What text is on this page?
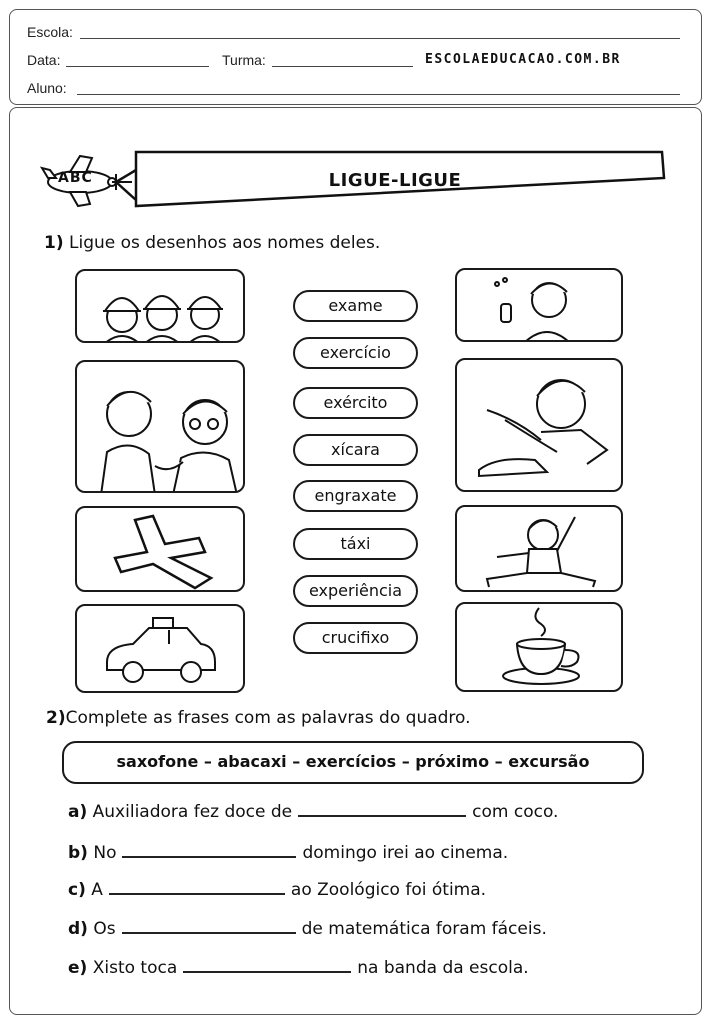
Escola:
Data:	Turma:	ESCOLAEDUCACAO.COM.BR
Aluno:
ABC	LIGUE-LIGUE
1) Ligue os desenhos aos nomes deles.
exame
exercício
exército
xícara
engraxate
táxi
experiência
crucifixo
2)Complete as frases com as palavras do quadro.
saxofone – abacaxi – exercícios – próximo – excursão
a) Auxiliadora fez doce de	com coco.
b) No	domingo irei ao cinema.
c) A	ao Zoológico foi ótima.
d) Os	de matemática foram fáceis.
e) Xisto toca	na banda da escola.
